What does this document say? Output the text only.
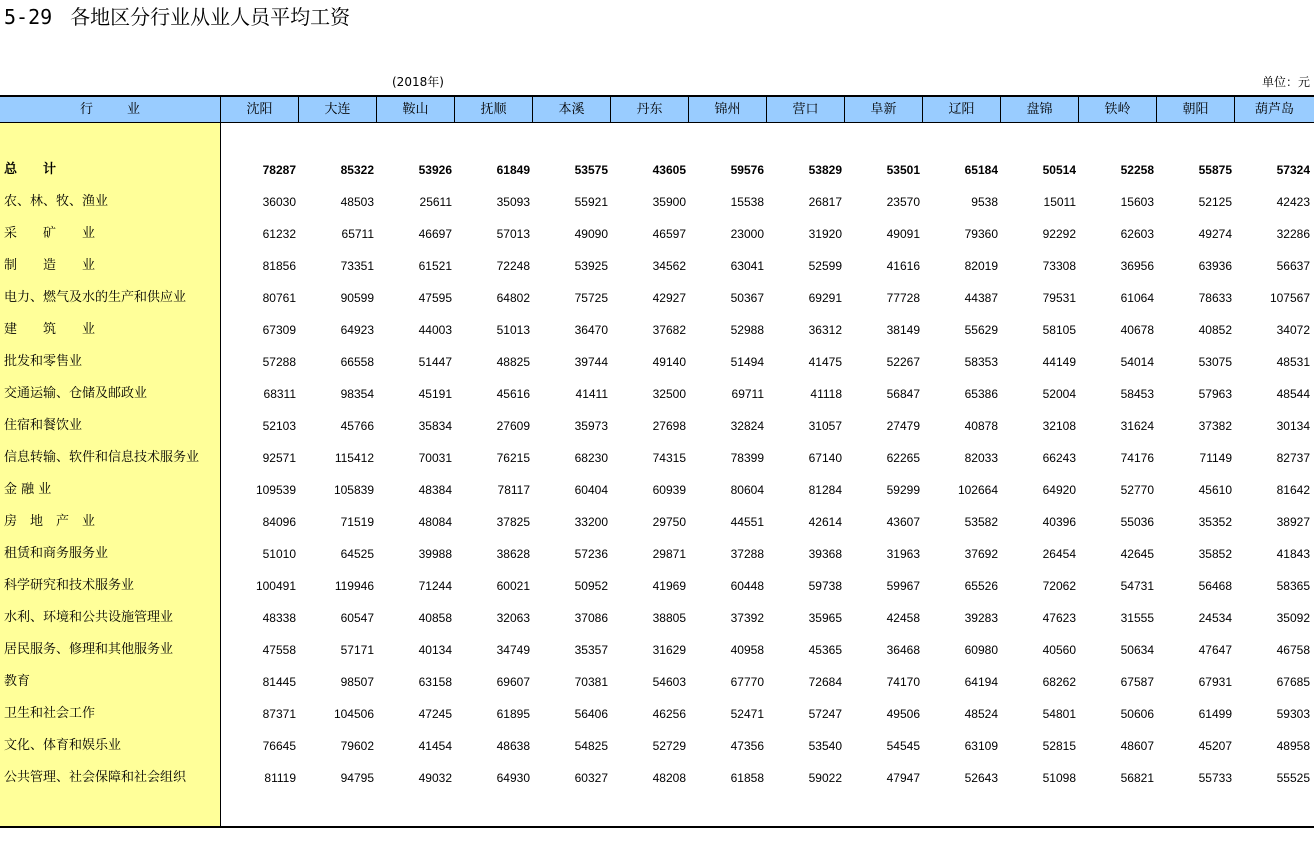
5-29 各地区分行业从业人员平均工资
(2018年)	单位：元
行业	沈阳	大连	鞍山	抚顺	本溪	丹东	锦州	营口	阜新	辽阳	盘锦	铁岭	朝阳	葫芦岛
总　　计	78287	85322	53926	61849	53575	43605	59576	53829	53501	65184	50514	52258	55875	57324
农、林、牧、渔业	36030	48503	25611	35093	55921	35900	15538	26817	23570	9538	15011	15603	52125	42423
采　　矿　　业	61232	65711	46697	57013	49090	46597	23000	31920	49091	79360	92292	62603	49274	32286
制　　造　　业	81856	73351	61521	72248	53925	34562	63041	52599	41616	82019	73308	36956	63936	56637
电力、燃气及水的生产和供应业	80761	90599	47595	64802	75725	42927	50367	69291	77728	44387	79531	61064	78633	107567
建　　筑　　业	67309	64923	44003	51013	36470	37682	52988	36312	38149	55629	58105	40678	40852	34072
批发和零售业	57288	66558	51447	48825	39744	49140	51494	41475	52267	58353	44149	54014	53075	48531
交通运输、仓储及邮政业	68311	98354	45191	45616	41411	32500	69711	41118	56847	65386	52004	58453	57963	48544
住宿和餐饮业	52103	45766	35834	27609	35973	27698	32824	31057	27479	40878	32108	31624	37382	30134
信息转输、软件和信息技术服务业	92571	115412	70031	76215	68230	74315	78399	67140	62265	82033	66243	74176	71149	82737
金 融 业	109539	105839	48384	78117	60404	60939	80604	81284	59299	102664	64920	52770	45610	81642
房　地　产　业	84096	71519	48084	37825	33200	29750	44551	42614	43607	53582	40396	55036	35352	38927
租赁和商务服务业	51010	64525	39988	38628	57236	29871	37288	39368	31963	37692	26454	42645	35852	41843
科学研究和技术服务业	100491	119946	71244	60021	50952	41969	60448	59738	59967	65526	72062	54731	56468	58365
水利、环境和公共设施管理业	48338	60547	40858	32063	37086	38805	37392	35965	42458	39283	47623	31555	24534	35092
居民服务、修理和其他服务业	47558	57171	40134	34749	35357	31629	40958	45365	36468	60980	40560	50634	47647	46758
教育	81445	98507	63158	69607	70381	54603	67770	72684	74170	64194	68262	67587	67931	67685
卫生和社会工作	87371	104506	47245	61895	56406	46256	52471	57247	49506	48524	54801	50606	61499	59303
文化、体育和娱乐业	76645	79602	41454	48638	54825	52729	47356	53540	54545	63109	52815	48607	45207	48958
公共管理、社会保障和社会组织	81119	94795	49032	64930	60327	48208	61858	59022	47947	52643	51098	56821	55733	55525
